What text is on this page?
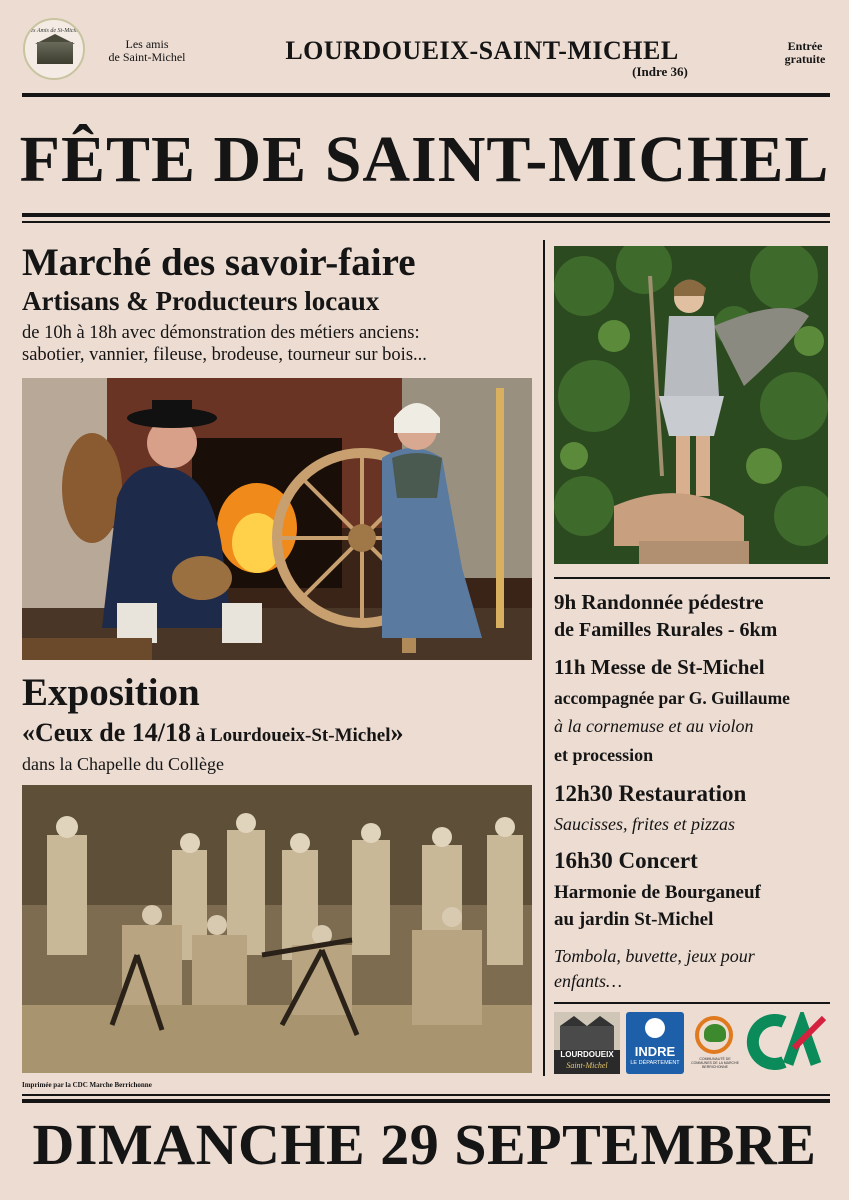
Les Amis de St-Michel
Les amis
de Saint-Michel	LOURDOUEIX-SAINT-MICHEL
(Indre 36)
Entrée
gratuite
FÊTE DE SAINT-MICHEL
Marché des savoir-faire
Artisans & Producteurs locaux
de 10h à 18h avec démonstration des métiers anciens:
sabotier, vannier, fileuse, brodeuse, tourneur sur bois...
Exposition
«Ceux de 14/18 à Lourdoueix-St-Michel»
dans la Chapelle du Collège
Imprimée par la CDC Marche Berrichonne
9h Randonnée pédestre
de Familles Rurales - 6km
11h Messe de St-Michel
accompagnée par G. Guillaume
à la cornemuse et au violon
et procession
12h30 Restauration
Saucisses, frites et pizzas
16h30 Concert
Harmonie de Bourganeuf
au jardin St-Michel
Tombola, buvette, jeux pour
enfants…
LOURDOUEIX
Saint-Michel
INDRE
LE DÉPARTEMENT
COMMUNAUTÉ DE COMMUNES DE LA MARCHE BERRICHONNE
DIMANCHE 29 SEPTEMBRE
